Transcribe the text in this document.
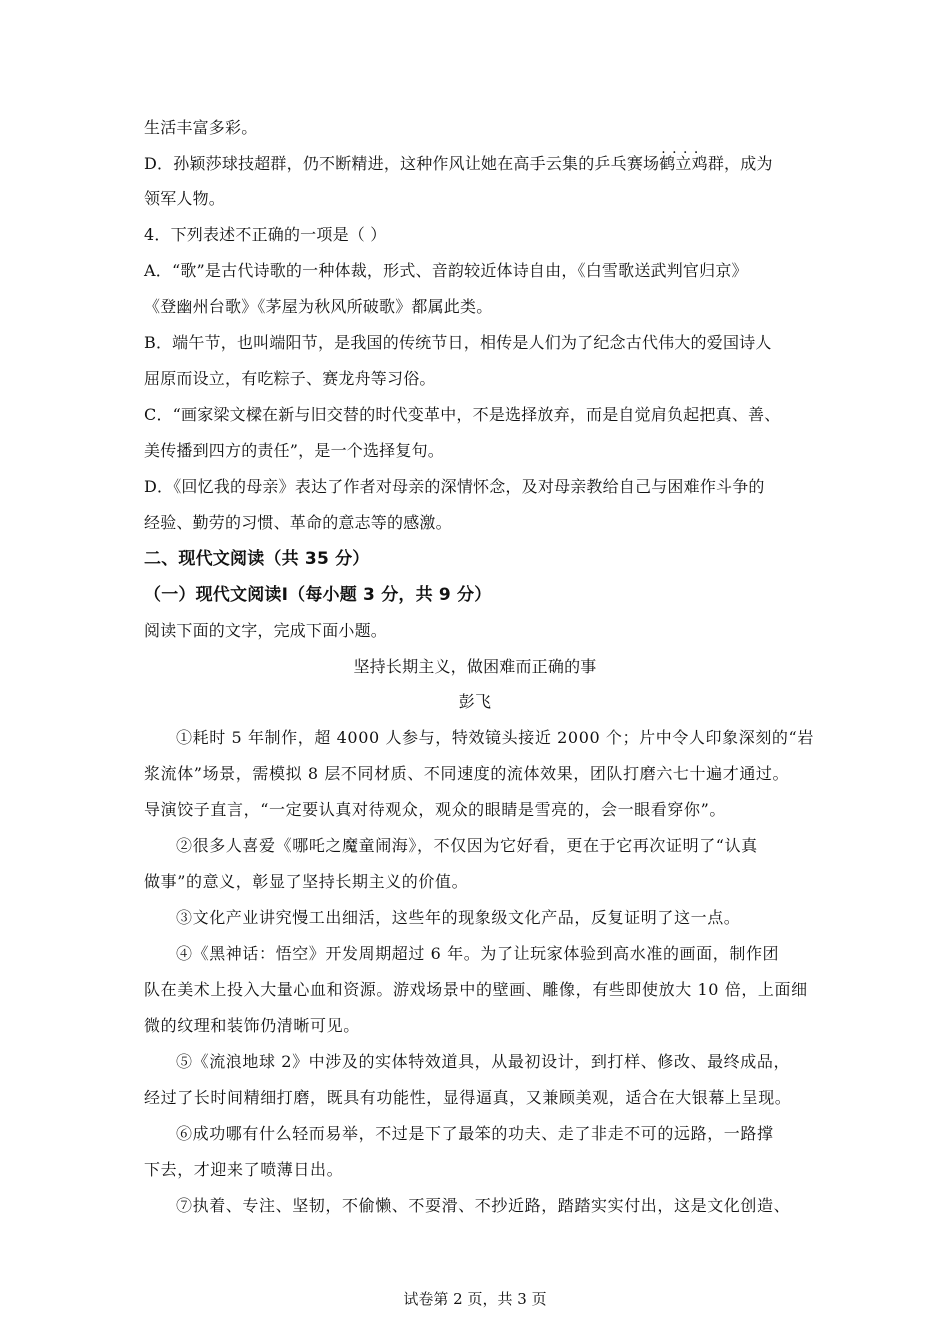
生活丰富多彩。
D．孙颖莎球技超群，仍不断精进，这种作风让她在高手云集的乒乓赛场· · 鹤立鸡群，成为
领军人物。
4．下列表述不正确的一项是（ ）
A．“歌”是古代诗歌的一种体裁，形式、音韵较近体诗自由，《白雪歌送武判官归京》
《登幽州台歌》《茅屋为秋风所破歌》都属此类。
B．端午节，也叫端阳节，是我国的传统节日，相传是人们为了纪念古代伟大的爱国诗人
屈原而设立，有吃粽子、赛龙舟等习俗。
C．“画家梁文樑在新与旧交替的时代变革中，不是选择放弃，而是自觉肩负起把真、善、
美传播到四方的责任”，是一个选择复句。
D．《回忆我的母亲》表达了作者对母亲的深情怀念，及对母亲教给自己与困难作斗争的
经验、勤劳的习惯、革命的意志等的感激。
二、现代文阅读（共 35 分）
（一）现代文阅读Ⅰ（每小题 3 分，共 9 分）
阅读下面的文字，完成下面小题。
坚持长期主义，做困难而正确的事
彭飞
①耗时 5 年制作，超 4000 人参与，特效镜头接近 2000 个；片中令人印象深刻的“岩
浆流体”场景，需模拟 8 层不同材质、不同速度的流体效果，团队打磨六七十遍才通过。
导演饺子直言，“一定要认真对待观众，观众的眼睛是雪亮的，会一眼看穿你”。
②很多人喜爱《哪吒之魔童闹海》，不仅因为它好看，更在于它再次证明了“认真
做事”的意义，彰显了坚持长期主义的价值。
③文化产业讲究慢工出细活，这些年的现象级文化产品，反复证明了这一点。
④《黑神话：悟空》开发周期超过 6 年。为了让玩家体验到高水准的画面，制作团
队在美术上投入大量心血和资源。游戏场景中的壁画、雕像，有些即使放大 10 倍，上面细
微的纹理和装饰仍清晰可见。
⑤《流浪地球 2》中涉及的实体特效道具，从最初设计，到打样、修改、最终成品，
经过了长时间精细打磨，既具有功能性，显得逼真，又兼顾美观，适合在大银幕上呈现。
⑥成功哪有什么轻而易举，不过是下了最笨的功夫、走了非走不可的远路，一路撑
下去，才迎来了喷薄日出。
⑦执着、专注、坚韧，不偷懒、不耍滑、不抄近路，踏踏实实付出，这是文化创造、
试卷第 2 页，共 3 页
